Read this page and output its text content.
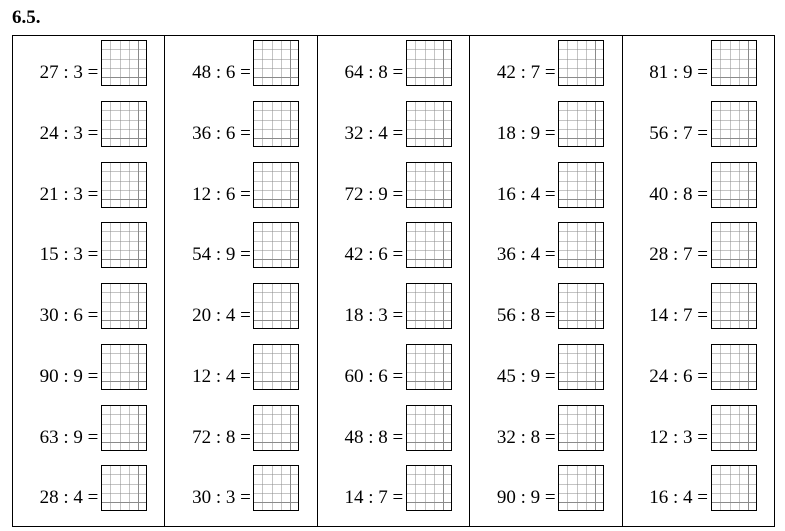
6.5.
27 : 3 =
24 : 3 =
21 : 3 =
15 : 3 =
30 : 6 =
90 : 9 =
63 : 9 =
28 : 4 =
48 : 6 =
36 : 6 =
12 : 6 =
54 : 9 =
20 : 4 =
12 : 4 =
72 : 8 =
30 : 3 =
64 : 8 =
32 : 4 =
72 : 9 =
42 : 6 =
18 : 3 =
60 : 6 =
48 : 8 =
14 : 7 =
42 : 7 =
18 : 9 =
16 : 4 =
36 : 4 =
56 : 8 =
45 : 9 =
32 : 8 =
90 : 9 =
81 : 9 =
56 : 7 =
40 : 8 =
28 : 7 =
14 : 7 =
24 : 6 =
12 : 3 =
16 : 4 =
